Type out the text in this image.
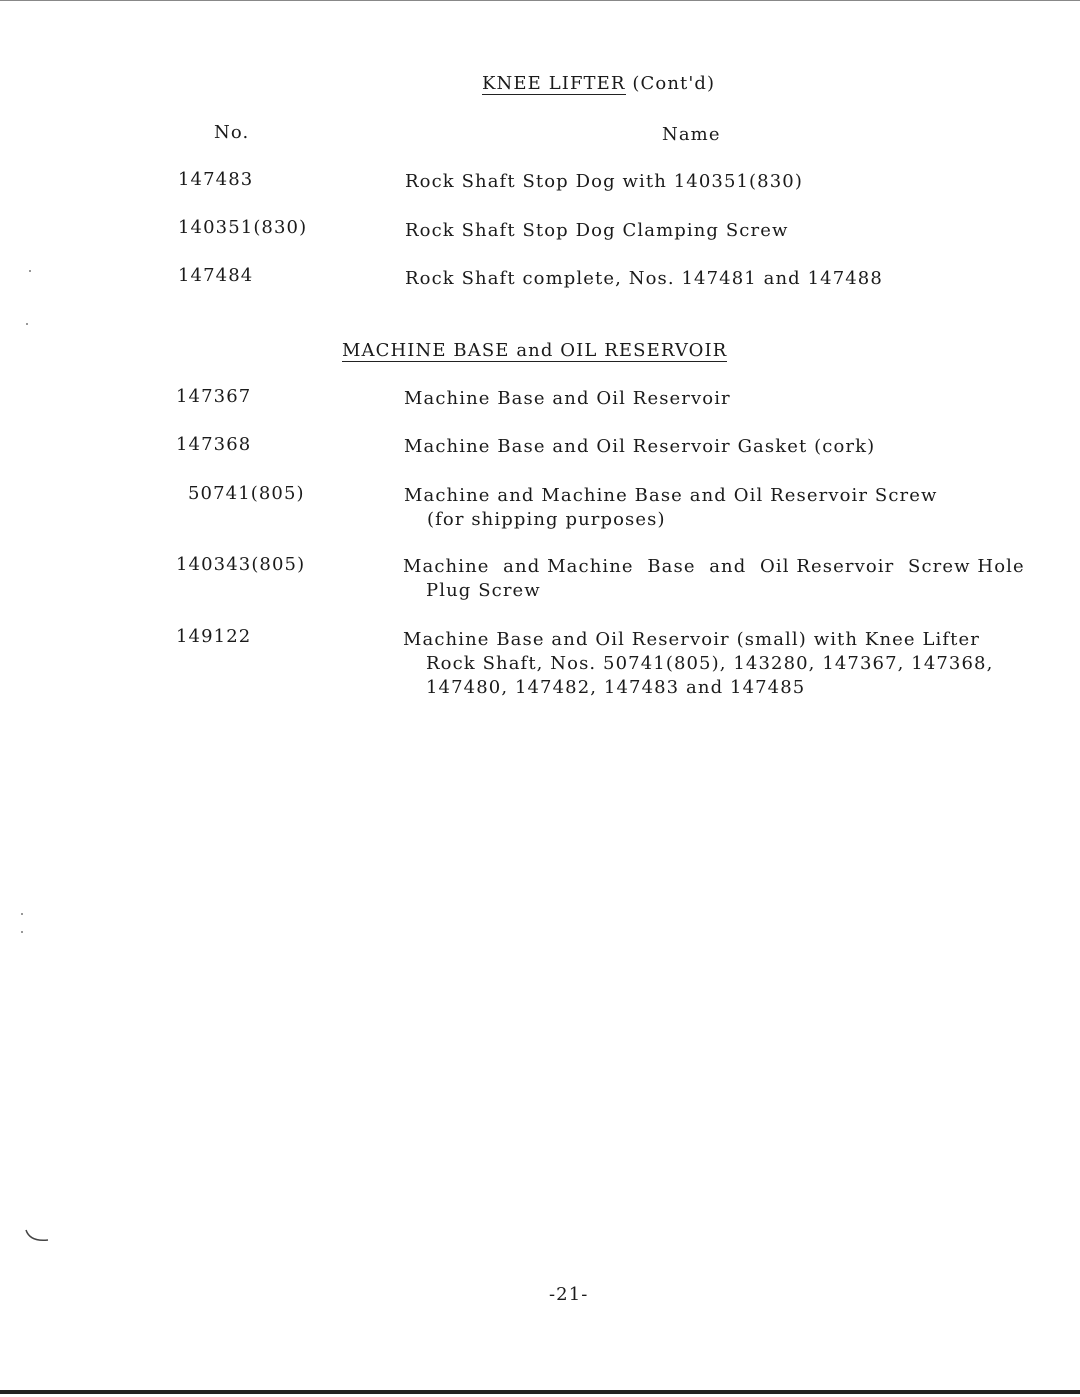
KNEE LIFTER (Cont'd)
No.	Name
147483	Rock Shaft Stop Dog with 140351(830)
140351(830)	Rock Shaft Stop Dog Clamping Screw
147484	Rock Shaft complete, Nos. 147481 and 147488
MACHINE BASE and OIL RESERVOIR
147367	Machine Base and Oil Reservoir
147368	Machine Base and Oil Reservoir Gasket (cork)
50741(805)	Machine and Machine Base and Oil Reservoir Screw
(for shipping purposes)
140343(805)	Machine  and Machine  Base  and  Oil Reservoir  Screw Hole
Plug Screw
149122	Machine Base and Oil Reservoir (small) with Knee Lifter
Rock Shaft, Nos. 50741(805), 143280, 147367, 147368,
147480, 147482, 147483 and 147485
-21-
